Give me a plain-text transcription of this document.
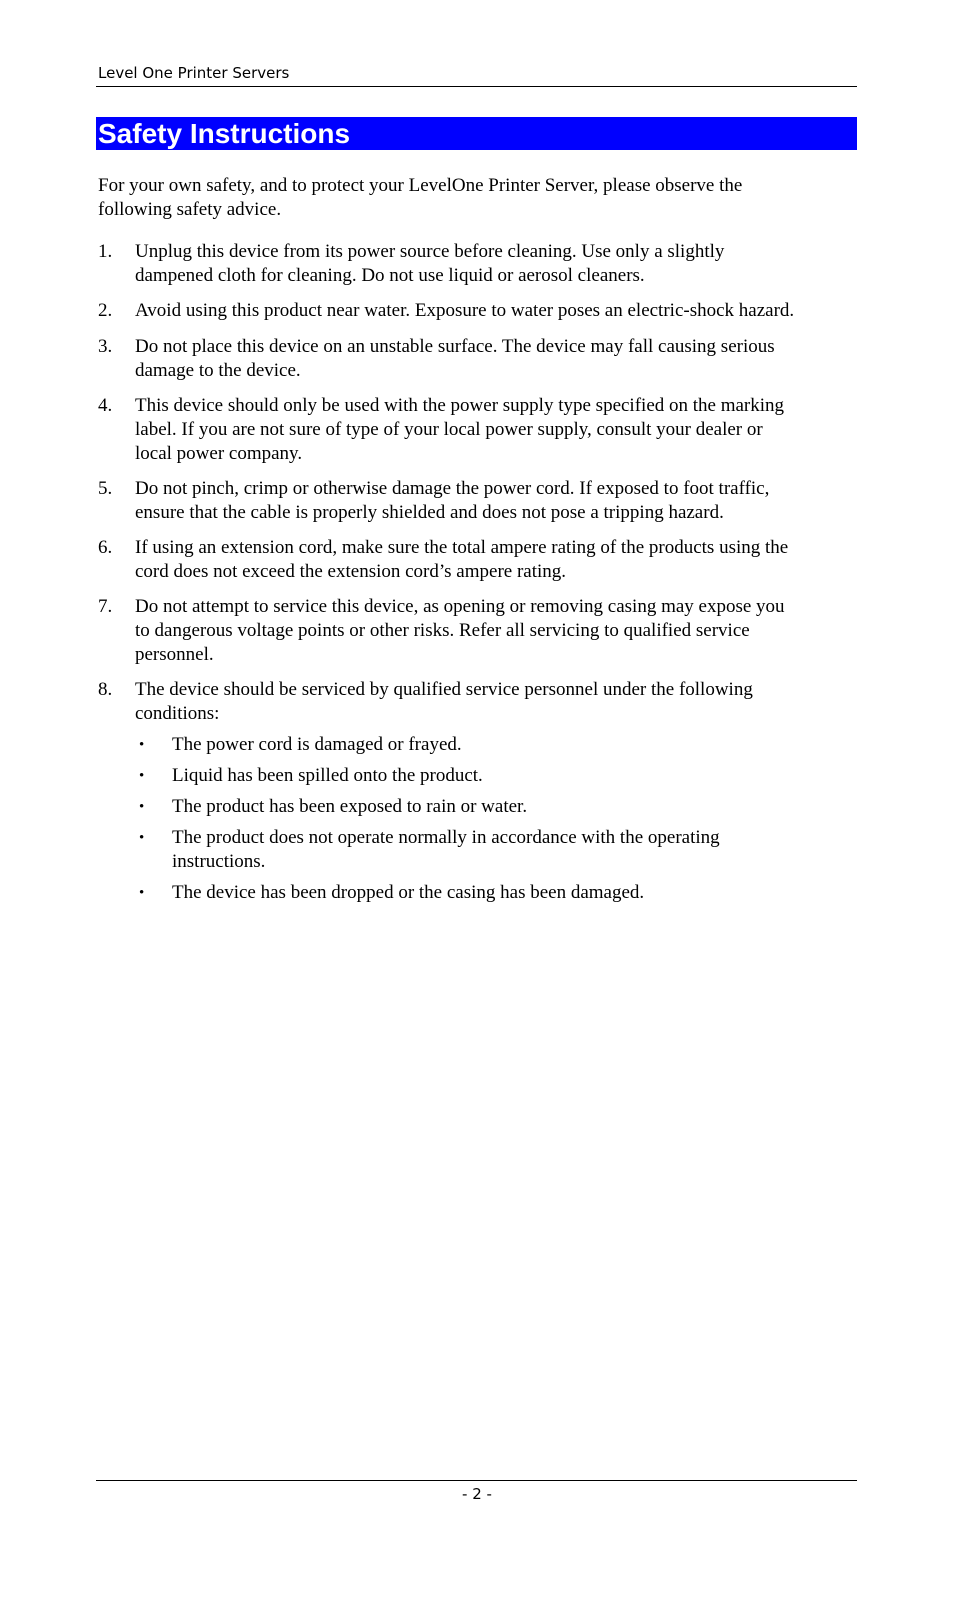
Level One Printer Servers
Safety Instructions
For your own safety, and to protect your LevelOne Printer Server, please observe the
following safety advice.
1. Unplug this device from its power source before cleaning. Use only a slightly
dampened cloth for cleaning. Do not use liquid or aerosol cleaners.
2. Avoid using this product near water. Exposure to water poses an electric-shock hazard.
3. Do not place this device on an unstable surface. The device may fall causing serious
damage to the device.
4. This device should only be used with the power supply type specified on the marking
label. If you are not sure of type of your local power supply, consult your dealer or
local power company.
5. Do not pinch, crimp or otherwise damage the power cord. If exposed to foot traffic,
ensure that the cable is properly shielded and does not pose a tripping hazard.
6. If using an extension cord, make sure the total ampere rating of the products using the
cord does not exceed the extension cord’s ampere rating.
7. Do not attempt to service this device, as opening or removing casing may expose you
to dangerous voltage points or other risks. Refer all servicing to qualified service
personnel.
8. The device should be serviced by qualified service personnel under the following
conditions:
• The power cord is damaged or frayed.
• Liquid has been spilled onto the product.
• The product has been exposed to rain or water.
• The product does not operate normally in accordance with the operating
instructions.
• The device has been dropped or the casing has been damaged.
- 2 -
